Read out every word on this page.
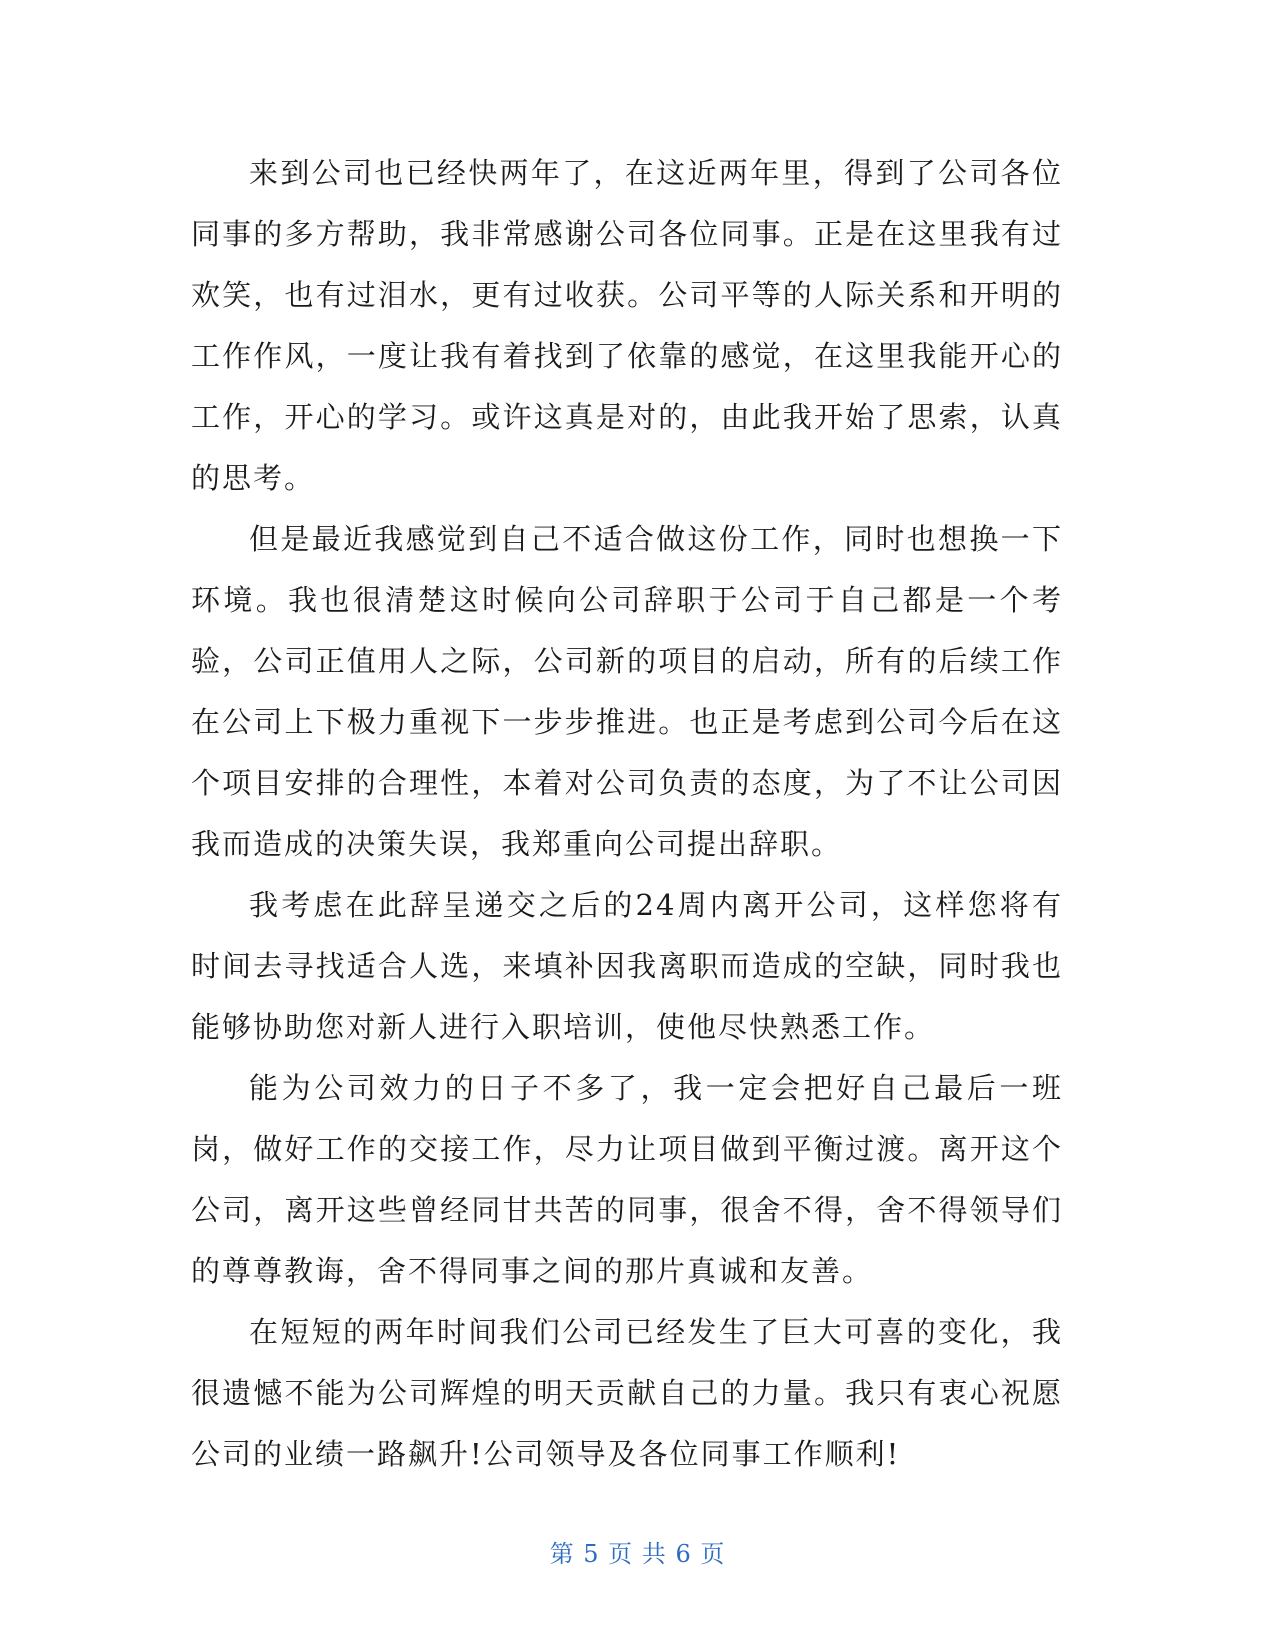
来到公司也已经快两年了，在这近两年里，得到了公司各位同事的多方帮助，我非常感谢公司各位同事。正是在这里我有过欢笑，也有过泪水，更有过收获。公司平等的人际关系和开明的工作作风，一度让我有着找到了依靠的感觉，在这里我能开心的工作，开心的学习。或许这真是对的，由此我开始了思索，认真的思考。

但是最近我感觉到自己不适合做这份工作，同时也想换一下环境。我也很清楚这时候向公司辞职于公司于自己都是一个考验，公司正值用人之际，公司新的项目的启动，所有的后续工作在公司上下极力重视下一步步推进。也正是考虑到公司今后在这个项目安排的合理性，本着对公司负责的态度，为了不让公司因我而造成的决策失误，我郑重向公司提出辞职。

我考虑在此辞呈递交之后的24周内离开公司，这样您将有时间去寻找适合人选，来填补因我离职而造成的空缺，同时我也能够协助您对新人进行入职培训，使他尽快熟悉工作。

能为公司效力的日子不多了，我一定会把好自己最后一班岗，做好工作的交接工作，尽力让项目做到平衡过渡。离开这个公司，离开这些曾经同甘共苦的同事，很舍不得，舍不得领导们的尊尊教诲，舍不得同事之间的那片真诚和友善。

在短短的两年时间我们公司已经发生了巨大可喜的变化，我很遗憾不能为公司辉煌的明天贡献自己的力量。我只有衷心祝愿公司的业绩一路飙升!公司领导及各位同事工作顺利!

第 5 页 共 6 页
